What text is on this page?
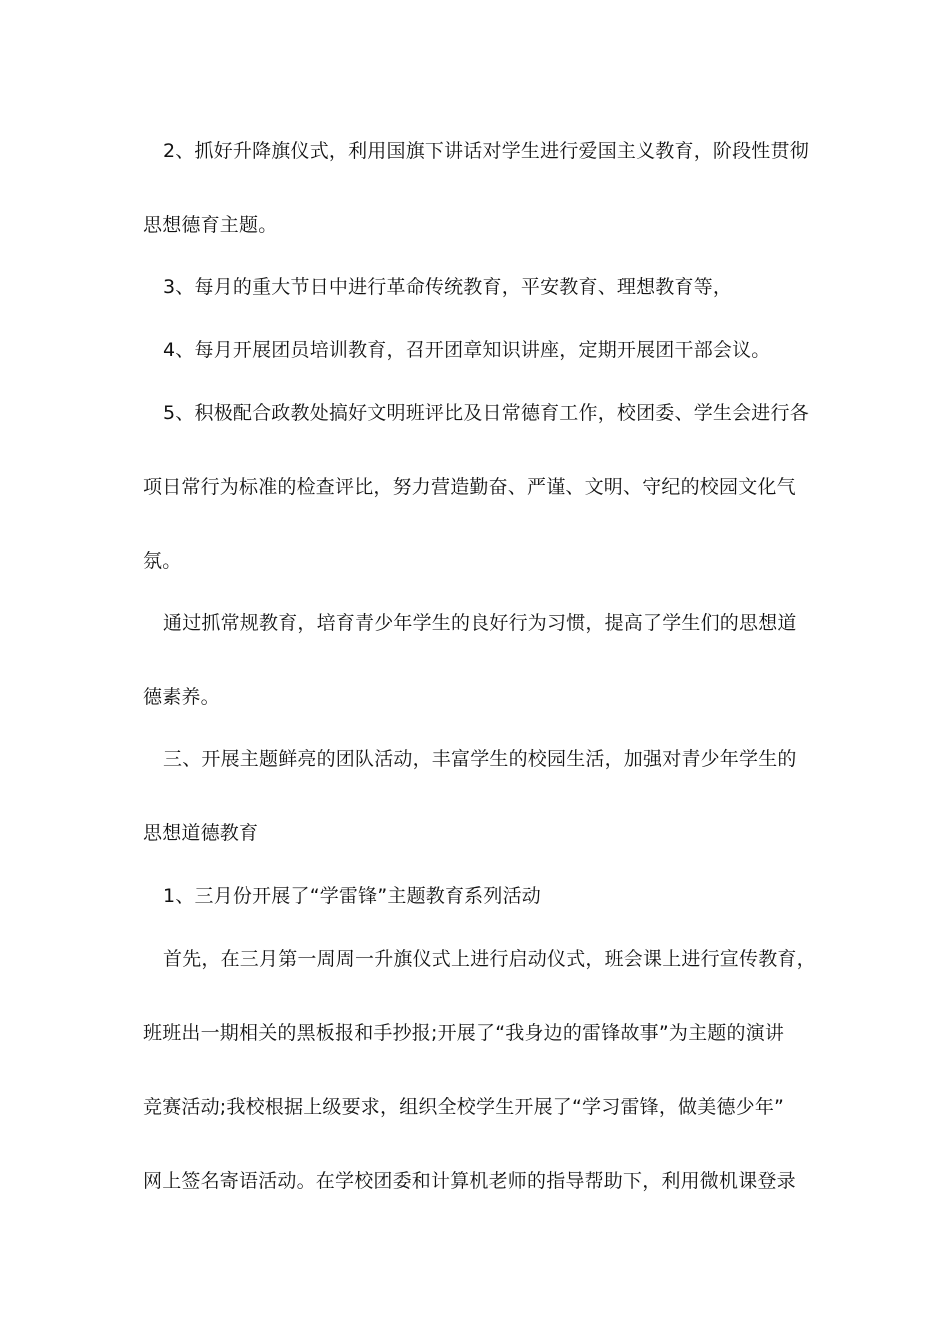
2、抓好升降旗仪式，利用国旗下讲话对学生进行爱国主义教育，阶段性贯彻
思想德育主题。
3、每月的重大节日中进行革命传统教育，平安教育、理想教育等，
4、每月开展团员培训教育，召开团章知识讲座，定期开展团干部会议。
5、积极配合政教处搞好文明班评比及日常德育工作，校团委、学生会进行各
项日常行为标准的检查评比，努力营造勤奋、严谨、文明、守纪的校园文化气
氛。
通过抓常规教育，培育青少年学生的良好行为习惯，提高了学生们的思想道
德素养。
三、开展主题鲜亮的团队活动，丰富学生的校园生活，加强对青少年学生的
思想道德教育
1、三月份开展了“学雷锋”主题教育系列活动
首先，在三月第一周周一升旗仪式上进行启动仪式，班会课上进行宣传教育，
班班出一期相关的黑板报和手抄报;开展了“我身边的雷锋故事”为主题的演讲
竞赛活动;我校根据上级要求，组织全校学生开展了“学习雷锋，做美德少年”
网上签名寄语活动。在学校团委和计算机老师的指导帮助下，利用微机课登录
